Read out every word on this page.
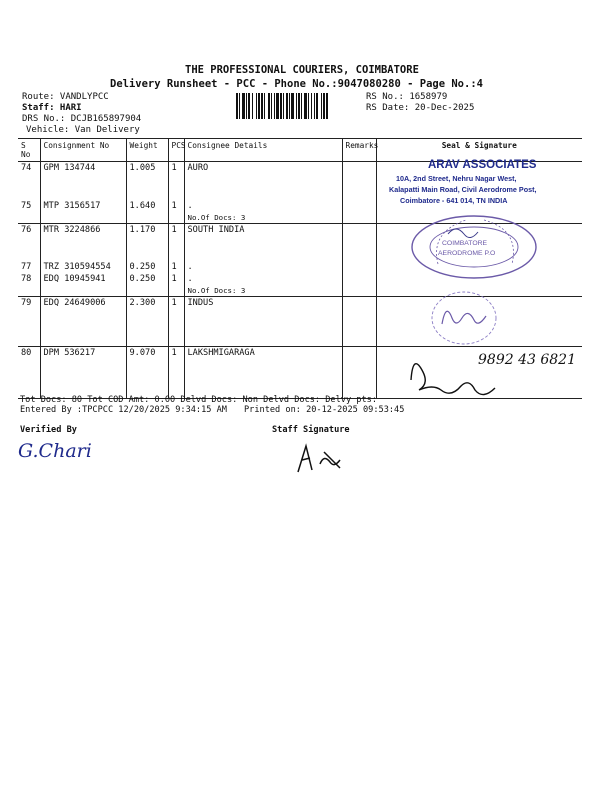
THE PROFESSIONAL COURIERS, COIMBATORE
Delivery Runsheet - PCC - Phone No.:9047080280 - Page No.:4
Route: VANDLYPCC
Staff: HARI
DRS No.: DCJB165897904
Vehicle: Van Delivery
RS No.: 1658979
RS Date: 20-Dec-2025
S No	Consignment No	Weight	PCS	Consignee Details	Remarks	Seal & Signature
74	GPM 134744	1.005	1	AURO		
75	MTP 3156517	1.640	1	.		
				No.Of Docs: 3		
76	MTR 3224866	1.170	1	SOUTH INDIA		
77	TRZ 310594554	0.250	1	.		
78	EDQ 10945941	0.250	1	.		
				No.Of Docs: 3		
79	EDQ 24649006	2.300	1	INDUS		
80	DPM 536217	9.070	1	LAKSHMIGARAGA		
ARAV ASSOCIATES
10A, 2nd Street, Nehru Nagar West,
Kalapatti Main Road, Civil Aerodrome Post,
Coimbatore - 641 014, TN INDIA
COIMBATORE
AERODROME P.O
9892 43 6821
Tot Docs: 80 Tot COD Amt: 0.00 Delvd Docs: Non Delvd Docs: Delvy pts:
Entered By :TPCPCC 12/20/2025 9:34:15 AM Printed on: 20-12-2025 09:53:45
Verified By	Staff Signature
G.Chari
